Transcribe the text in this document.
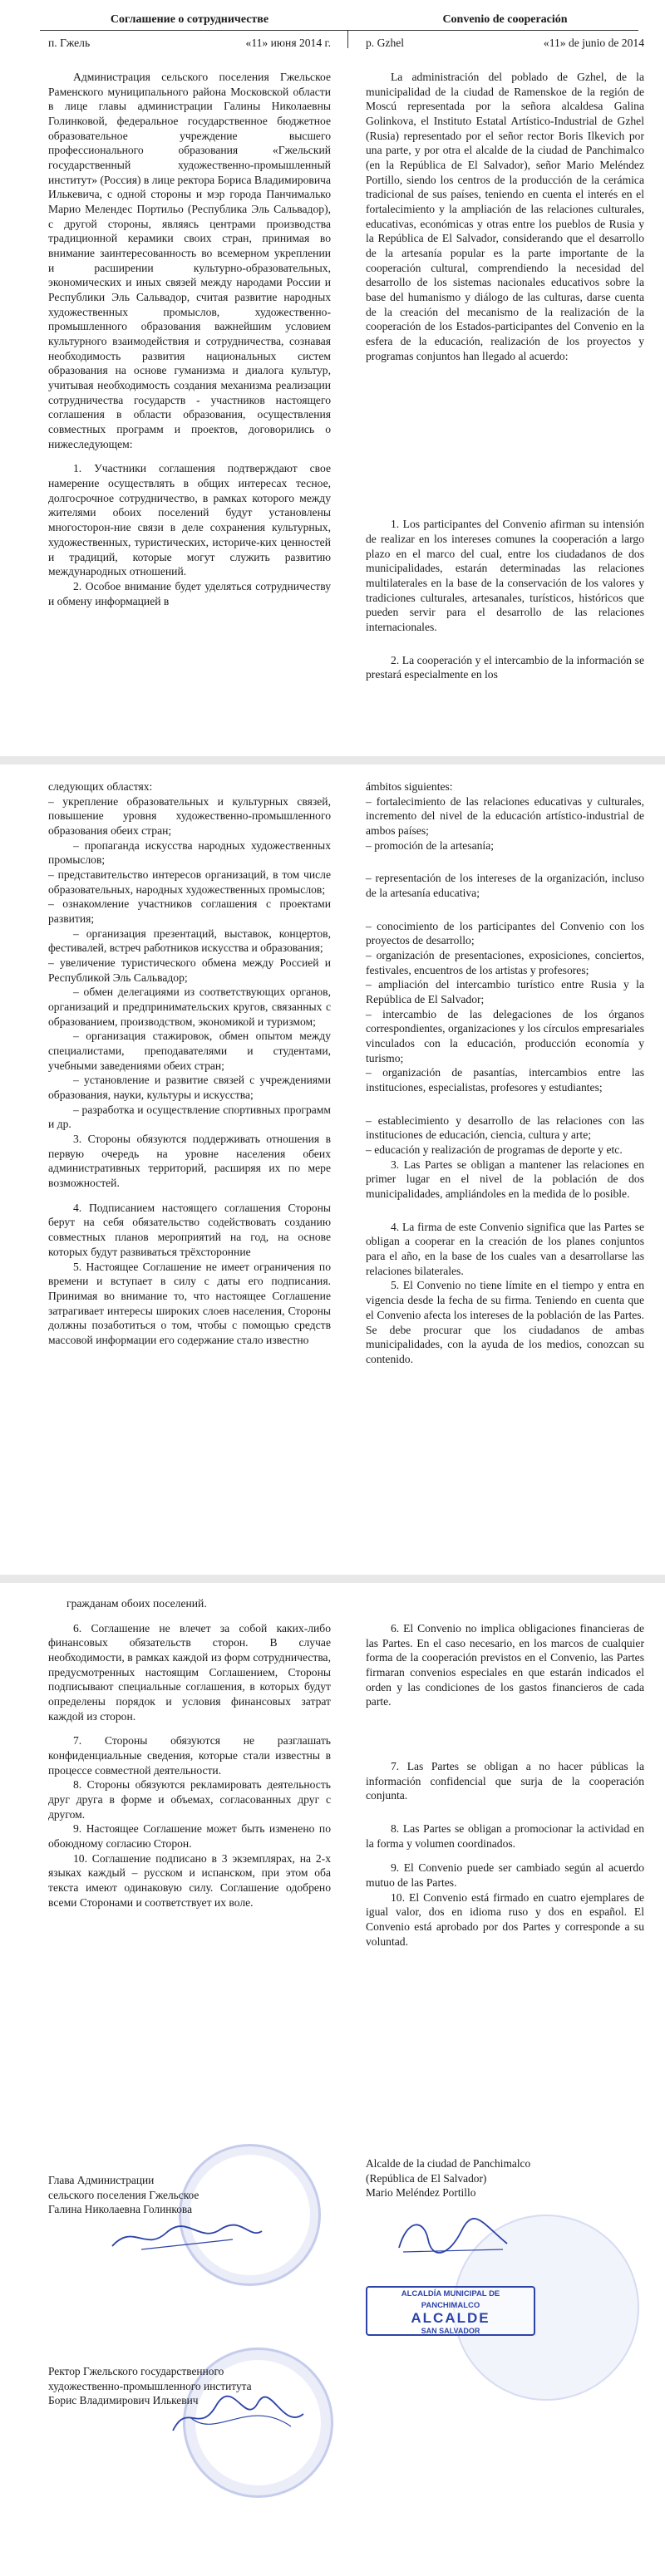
Соглашение о сотрудничестве	Convenio de cooperación
п. Гжель	«11» июня 2014 г.	p. Gzhel	«11» de junio de 2014

Администрация сельского поселения Гжельское Раменского муниципального района Московской области в лице главы администрации Галины Николаевны Голинковой, федеральное государственное бюджетное образовательное учреждение высшего профессионального образования «Гжельский государственный художественно-промышленный институт» (Россия) в лице ректора Бориса Владимировича Илькевича, с одной стороны и мэр города Панчималько Марио Мелендес Портильо (Республика Эль Сальвадор), с другой стороны, являясь центрами производства традиционной керамики своих стран, принимая во внимание заинтересованность во всемерном укреплении и расширении культурно-образовательных, экономических и иных связей между народами России и Республики Эль Сальвадор, считая развитие народных художественных промыслов, художественно-промышленного образования важнейшим условием культурного взаимодействия и сотрудничества, сознавая необходимость развития национальных систем образования на основе гуманизма и диалога культур, учитывая необходимость создания механизма реализации сотрудничества государств - участников настоящего соглашения в области образования, осуществления совместных программ и проектов, договорились о нижеследующем:

1. Участники соглашения подтверждают свое намерение осуществлять в общих интересах тесное, долгосрочное сотрудничество, в рамках которого между жителями обоих поселений будут установлены многосторон-ние связи в деле сохранения культурных, художественных, туристических, историче-ких ценностей и традиций, которые могут служить развитию международных отношений.

2. Особое внимание будет уделяться сотрудничеству и обмену информацией в

La administración del poblado de Gzhel, de la municipalidad de la ciudad de Ramenskoe de la región de Moscú representada por la señora alcaldesa Galina Golinkova, el Instituto Estatal Artístico-Industrial de Gzhel (Rusia) representado por el señor rector Boris Ilkevich por una parte, y por otra el alcalde de la ciudad de Panchimalco (en la República de El Salvador), señor Mario Meléndez Portillo, siendo los centros de la producción de la cerámica tradicional de sus países, teniendo en cuenta el interés en el fortalecimiento y la ampliación de las relaciones culturales, educativas, económicas y otras entre los pueblos de Rusia y la República de El Salvador, considerando que el desarrollo de la artesanía popular es la parte importante de la cooperación cultural, comprendiendo la necesidad del desarrollo de los sistemas nacionales educativos sobre la base del humanismo y diálogo de las culturas, darse cuenta de la creación del mecanismo de la realización de la cooperación de los Estados-participantes del Convenio en la esfera de la educación, realización de los proyectos y programas conjuntos han llegado al acuerdo:

1. Los participantes del Convenio afirman su intensión de realizar en los intereses comunes la cooperación a largo plazo en el marco del cual, entre los ciudadanos de dos municipalidades, estarán determinadas las relaciones multilaterales en la base de la conservación de los valores y tradiciones culturales, artesanales, turísticos, históricos que pueden servir para el desarrollo de las relaciones internacionales.

2. La cooperación y el intercambio de la información se prestará especialmente en los

следующих областях:

– укрепление образовательных и культурных связей, повышение уровня художественно-промышленного образования обеих стран;

– пропаганда искусства народных художественных промыслов;

– представительство интересов организаций, в том числе образовательных, народных художественных промыслов;

– ознакомление участников соглашения с проектами развития;

– организация презентаций, выставок, концертов, фестивалей, встреч работников искусства и образования;

– увеличение туристического обмена между Россией и Республикой Эль Сальвадор;

– обмен делегациями из соответствующих органов, организаций и предпринимательских кругов, связанных с образованием, производством, экономикой и туризмом;

– организация стажировок, обмен опытом между специалистами, преподавателями и студентами, учебными заведениями обеих стран;

– установление и развитие связей с учреждениями образования, науки, культуры и искусства;

– разработка и осуществление спортивных программ и др.

3. Стороны обязуются поддерживать отношения в первую очередь на уровне населения обеих административных территорий, расширяя их по мере возможностей.

4. Подписанием настоящего соглашения Стороны берут на себя обязательство содействовать созданию совместных планов мероприятий на год, на основе которых будут развиваться трёхсторонние

5. Настоящее Соглашение не имеет ограничения по времени и вступает в силу с даты его подписания. Принимая во внимание то, что настоящее Соглашение затрагивает интересы широких слоев населения, Стороны должны позаботиться о том, чтобы с помощью средств массовой информации его содержание стало известно

ámbitos siguientes:

– fortalecimiento de las relaciones educativas y culturales, incremento del nivel de la educación artístico-industrial de ambos países;

– promoción de la artesanía;

– representación de los intereses de la organización, incluso de la artesanía educativa;

– conocimiento de los participantes del Convenio con los proyectos de desarrollo;

– organización de presentaciones, exposiciones, conciertos, festivales, encuentros de los artistas y profesores;

– ampliación del intercambio turístico entre Rusia y la República de El Salvador;

– intercambio de las delegaciones de los órganos correspondientes, organizaciones y los círculos empresariales vinculados con la educación, producción economía y turismo;

– organización de pasantías, intercambios entre las instituciones, especialistas, profesores y estudiantes;

– establecimiento y desarrollo de las relaciones con las instituciones de educación, ciencia, cultura y arte;

– educación y realización de programas de deporte y etc.

3. Las Partes se obligan a mantener las relaciones en primer lugar en el nivel de la población de dos municipalidades, ampliándoles en la medida de lo posible.

4. La firma de este Convenio significa que las Partes se obligan a cooperar en la creación de los planes conjuntos para el año, en la base de los cuales van a desarrollarse las relaciones bilaterales.

5. El Convenio no tiene límite en el tiempo y entra en vigencia desde la fecha de su firma. Teniendo en cuenta que el Convenio afecta los intereses de la población de las Partes. Se debe procurar que los ciudadanos de ambas municipalidades, con la ayuda de los medios, conozcan su contenido.

гражданам обоих поселений.

6. Соглашение не влечет за собой каких-либо финансовых обязательств сторон. В случае необходимости, в рамках каждой из форм сотрудничества, предусмотренных настоящим Соглашением, Стороны подписывают специальные соглашения, в которых будут определены порядок и условия финансовых затрат каждой из сторон.

7. Стороны обязуются не разглашать конфиденциальные сведения, которые стали известны в процессе совместной деятельности.

8. Стороны обязуются рекламировать деятельность друг друга в форме и объемах, согласованных друг с другом.

9. Настоящее Соглашение может быть изменено по обоюдному согласию Сторон.

10. Соглашение подписано в 3 экземплярах, на 2-х языках каждый – русском и испанском, при этом оба текста имеют одинаковую силу. Соглашение одобрено всеми Сторонами и соответствует их воле.

6. El Convenio no implica obligaciones financieras de las Partes. En el caso necesario, en los marcos de cualquier forma de la cooperación previstos en el Convenio, las Partes firmaran convenios especiales en que estarán indicados el orden y las condiciones de los gastos financieros de cada parte.

7. Las Partes se obligan a no hacer públicas la información confidencial que surja de la cooperación conjunta.

8. Las Partes se obligan a promocionar la actividad en la forma y volumen coordinados.

9. El Convenio puede ser cambiado según al acuerdo mutuo de las Partes.

10. El Convenio está firmado en cuatro ejemplares de igual valor, dos en idioma ruso y dos en español. El Convenio está aprobado por dos Partes y corresponde a su voluntad.

Глава Администрации
сельского поселения Гжельское
Галина Николаевна Голинкова
Alcalde de la ciudad de Panchimalco
(República de El Salvador)
Mario Meléndez Portillo
ALCALDÍA MUNICIPAL DE
PANCHIMALCO
ALCALDE
SAN SALVADOR
Ректор Гжельского государственного
художественно-промышленного института
Борис Владимирович Илькевич
